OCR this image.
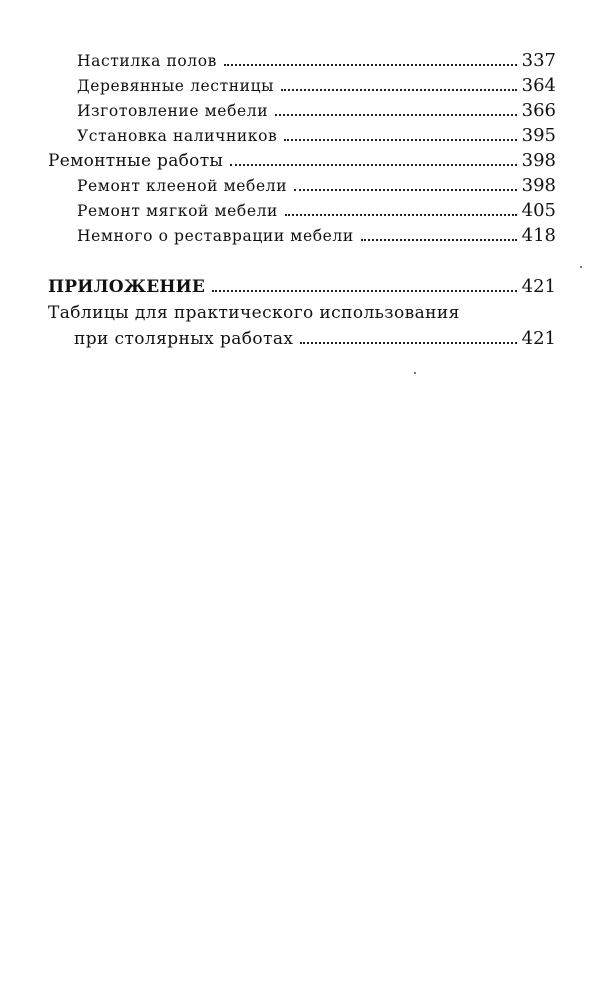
Настилка полов	337
Деревянные лестницы	364
Изготовление мебели	366
Установка наличников	395
Ремонтные работы	398
Ремонт клееной мебели	398
Ремонт мягкой мебели	405
Немного о реставрации мебели	418
ПРИЛОЖЕНИЕ	421
Таблицы для практического использования
при столярных работах	421
